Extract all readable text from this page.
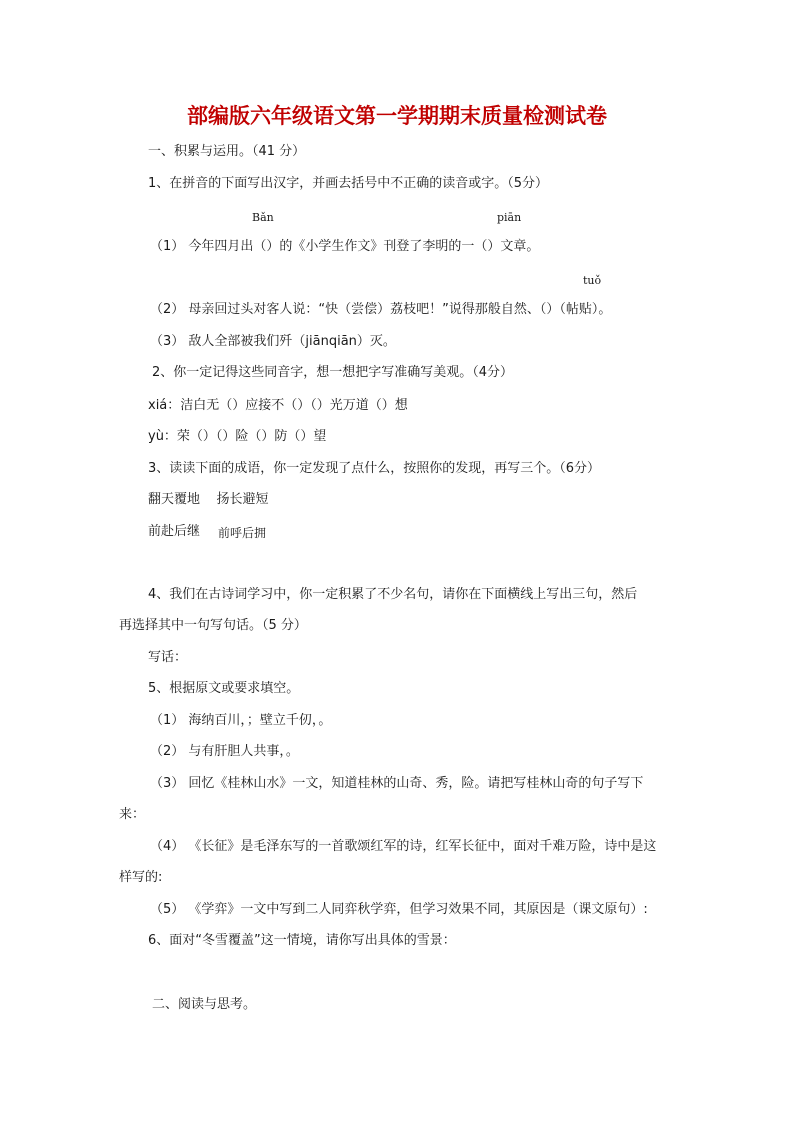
部编版六年级语文第一学期期末质量检测试卷

一、积累与运用。（41 分）

1、在拼音的下面写出汉字，并画去括号中不正确的读音或字。（5分）

Bǎn	piān

（1） 今年四月出（）的《小学生作文》刊登了李明的一（）文章。

tuǒ

（2） 母亲回过头对客人说：“快（尝偿）荔枝吧！”说得那般自然、（）（帖贴）。

（3） 敌人全部被我们歼（jiānqiān）灭。

2、你一定记得这些同音字，想一想把字写准确写美观。（4分）

xiá：洁白无（）应接不（）（）光万道（）想

yù：荣（）（）险（）防（）望

3、读读下面的成语，你一定发现了点什么，按照你的发现，再写三个。（6分）

翻天覆地    扬长避短

前赴后继 前呼后拥

4、我们在古诗词学习中，你一定积累了不少名句，请你在下面横线上写出三句，然后

再选择其中一句写句话。（5 分）

写话：

5、根据原文或要求填空。

（1） 海纳百川，；壁立千仞，。

（2） 与有肝胆人共事，。

（3） 回忆《桂林山水》一文，知道桂林的山奇、秀，险。请把写桂林山奇的句子写下

来：

（4） 《长征》是毛泽东写的一首歌颂红军的诗，红军长征中，面对千难万险，诗中是这

样写的:

（5） 《学弈》一文中写到二人同弈秋学弈，但学习效果不同，其原因是（课文原句）:

6、面对“冬雪覆盖”这一情境，请你写出具体的雪景：

二、阅读与思考。
